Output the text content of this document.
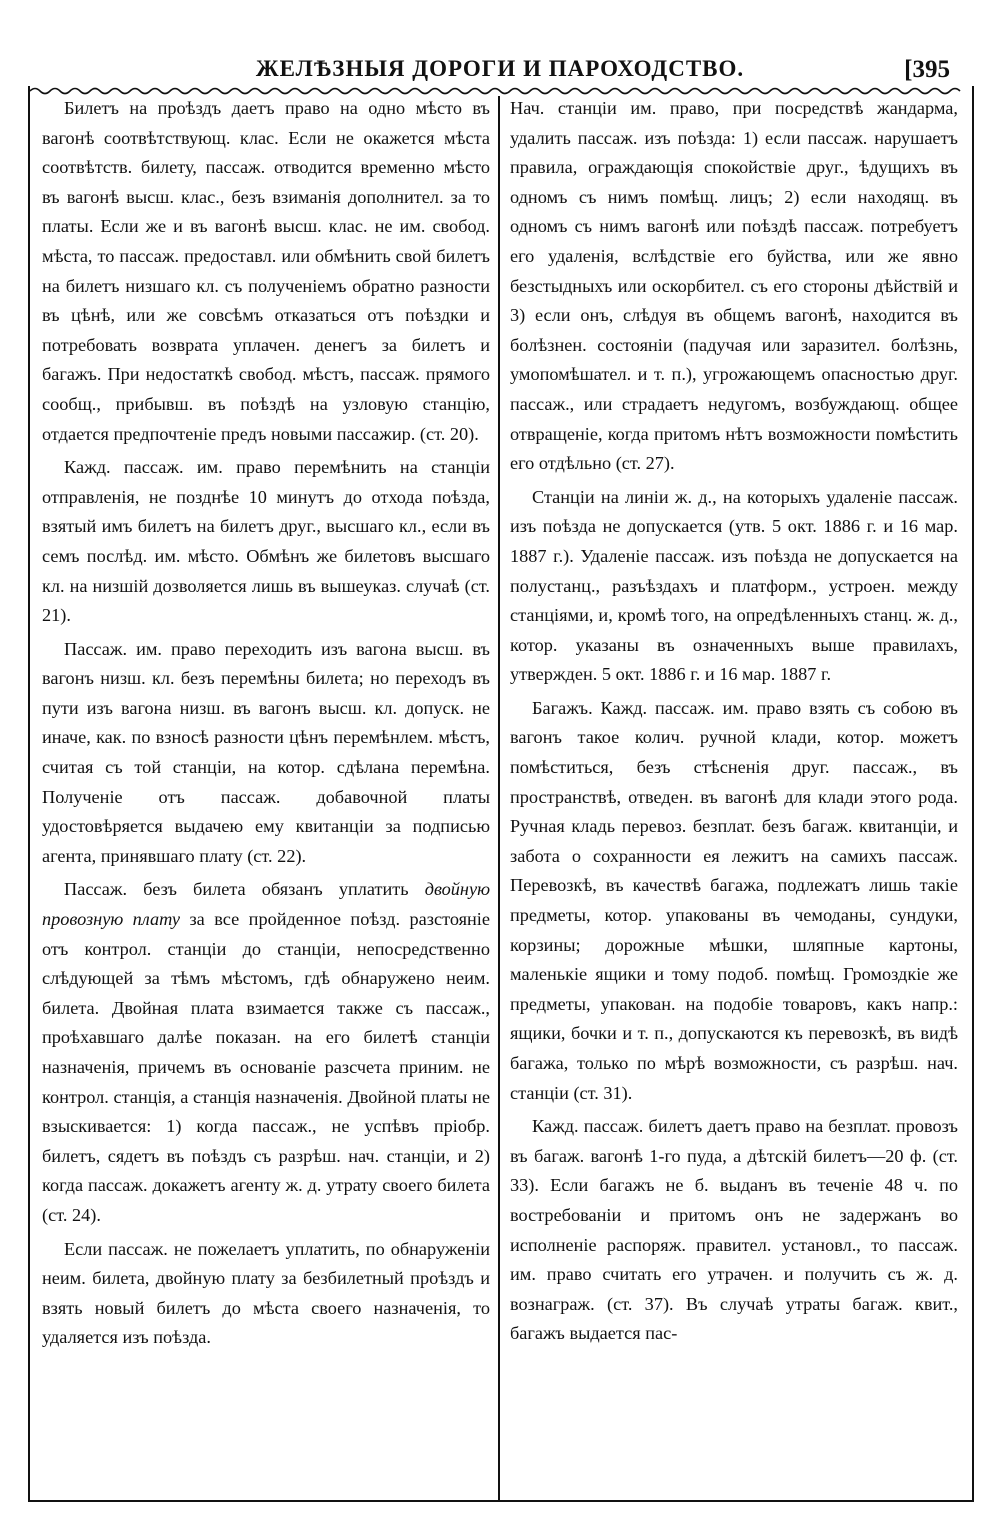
ЖЕЛѢЗНЫЯ ДОРОГИ И ПАРОХОДСТВО.	[395

Билетъ на проѣздъ даетъ право на одно мѣсто въ вагонѣ соотвѣтствующ. клас. Если не окажется мѣста соотвѣтств. билету, пассаж. отводится временно мѣсто въ вагонѣ высш. клас., безъ взиманія дополнител. за то платы. Если же и въ вагонѣ высш. клас. не им. свобод. мѣста, то пассаж. предоставл. или обмѣнить свой билетъ на билетъ низшаго кл. съ полученіемъ обратно разности въ цѣнѣ, или же совсѣмъ отказаться отъ поѣздки и потребовать возврата уплачен. денегъ за билетъ и багажъ. При недостаткѣ свобод. мѣстъ, пассаж. прямого сообщ., прибывш. въ поѣздѣ на узловую станцію, отдается предпочтеніе предъ новыми пассажир. (ст. 20).

Кажд. пассаж. им. право перемѣнить на станціи отправленія, не позднѣе 10 минутъ до отхода поѣзда, взятый имъ билетъ на билетъ друг., высшаго кл., если въ семъ послѣд. им. мѣсто. Обмѣнъ же билетовъ высшаго кл. на низшій дозволяется лишь въ вышеуказ. случаѣ (ст. 21).

Пассаж. им. право переходить изъ вагона высш. въ вагонъ низш. кл. безъ перемѣны билета; но переходъ въ пути изъ вагона низш. въ вагонъ высш. кл. допуск. не иначе, как. по взносѣ разности цѣнъ перемѣнлем. мѣстъ, считая съ той станціи, на котор. сдѣлана перемѣна. Полученіе отъ пассаж. добавочной платы удостовѣряется выдачею ему квитанціи за подписью агента, принявшаго плату (ст. 22).

Пассаж. безъ билета обязанъ уплатить двойную провозную плату за все пройденное поѣзд. разстояніе отъ контрол. станціи до станціи, непосредственно слѣдующей за тѣмъ мѣстомъ, гдѣ обнаружено неим. билета. Двойная плата взимается также съ пассаж., проѣхавшаго далѣе показан. на его билетѣ станціи назначенія, причемъ въ основаніе разсчета приним. не контрол. станція, а станція назначенія. Двойной платы не взыскивается: 1) когда пассаж., не успѣвъ пріобр. билетъ, сядетъ въ поѣздъ съ разрѣш. нач. станціи, и 2) когда пассаж. докажетъ агенту ж. д. утрату своего билета (ст. 24).

Если пассаж. не пожелаетъ уплатить, по обнаруженіи неим. билета, двойную плату за безбилетный проѣздъ и взять новый билетъ до мѣста своего назначенія, то удаляется изъ поѣзда.

Нач. станціи им. право, при посредствѣ жандарма, удалить пассаж. изъ поѣзда: 1) если пассаж. нарушаетъ правила, ограждающія спокойствіе друг., ѣдущихъ въ одномъ съ нимъ помѣщ. лицъ; 2) если находящ. въ одномъ съ нимъ вагонѣ или поѣздѣ пассаж. потребуетъ его удаленія, вслѣдствіе его буйства, или же явно безстыдныхъ или оскорбител. съ его стороны дѣйствій и 3) если онъ, слѣдуя въ общемъ вагонѣ, находится въ болѣзнен. состояніи (падучая или заразител. болѣзнь, умопомѣшател. и т. п.), угрожающемъ опасностью друг. пассаж., или страдаетъ недугомъ, возбуждающ. общее отвращеніе, когда притомъ нѣтъ возможности помѣстить его отдѣльно (ст. 27).

Станціи на линіи ж. д., на которыхъ удаленіе пассаж. изъ поѣзда не допускается (утв. 5 окт. 1886 г. и 16 мар. 1887 г.). Удаленіе пассаж. изъ поѣзда не допускается на полустанц., разъѣздахъ и платформ., устроен. между станціями, и, кромѣ того, на опредѣленныхъ станц. ж. д., котор. указаны въ означенныхъ выше правилахъ, утвержден. 5 окт. 1886 г. и 16 мар. 1887 г.

Багажъ. Кажд. пассаж. им. право взять съ собою въ вагонъ такое колич. ручной клади, котор. можетъ помѣститься, безъ стѣсненія друг. пассаж., въ пространствѣ, отведен. въ вагонѣ для клади этого рода. Ручная кладь перевоз. безплат. безъ багаж. квитанціи, и забота о сохранности ея лежитъ на самихъ пассаж. Перевозкѣ, въ качествѣ багажа, подлежатъ лишь такіе предметы, котор. упакованы въ чемоданы, сундуки, корзины; дорожные мѣшки, шляпные картоны, маленькіе ящики и тому подоб. помѣщ. Громоздкіе же предметы, упакован. на подобіе товаровъ, какъ напр.: ящики, бочки и т. п., допускаются къ перевозкѣ, въ видѣ багажа, только по мѣрѣ возможности, съ разрѣш. нач. станціи (ст. 31).

Кажд. пассаж. билетъ даетъ право на безплат. провозъ въ багаж. вагонѣ 1-го пуда, а дѣтскій билетъ—20 ф. (ст. 33). Если багажъ не б. выданъ въ теченіе 48 ч. по востребованіи и притомъ онъ не задержанъ во исполненіе распоряж. правител. установл., то пассаж. им. право считать его утрачен. и получить съ ж. д. вознаграж. (ст. 37). Въ случаѣ утраты багаж. квит., багажъ выдается пас-
